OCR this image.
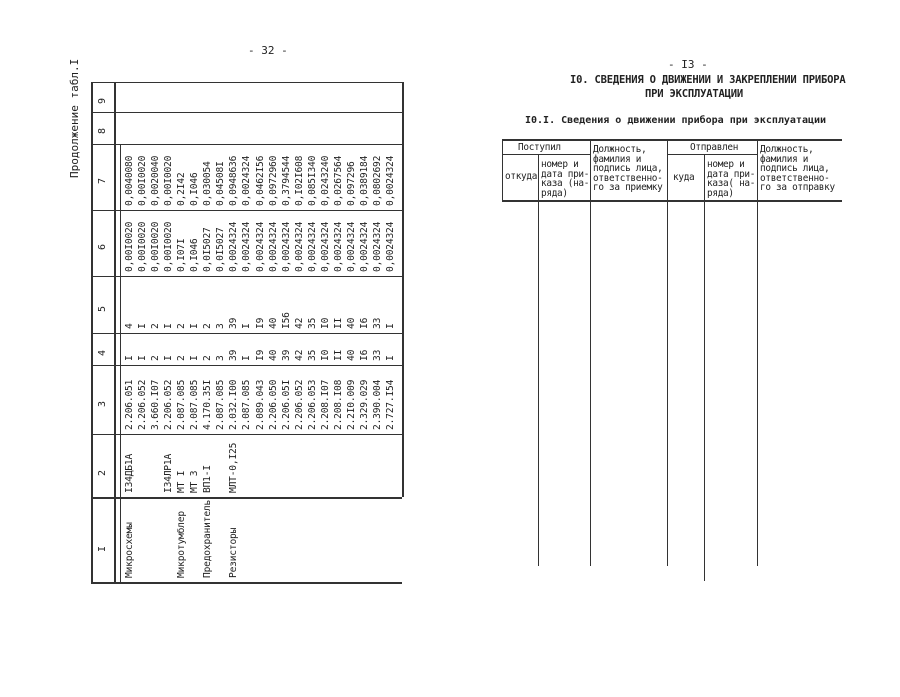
- 32 -
Продолжение табл.I
I
2
3
4
5
6
7
8
9
Микросхемы
I34ДБ1А
2.206.051
I
4
0,00I0020
0,0040080
2.206.052
I
I
0,00I0020
0,00I0020
3.660.I07
2
2
0,00I0020
0,0020040
I34ЛР1А
2.206.052
I
I
0,00I0020
0,00I0020
Микротумблер
МТ I
2.087.085
2
2
0,I07I
0,2I42
МТ 3
2.087.085
I
I
0,I046
0,I046
Предохранитель
ВП1-I
4.170.35I
2
2
0,0I5027
0,030054
2.087.085
3
3
0,0I5027
0,04508I
Резисторы
МЛТ-0,I25
2.032.I00
39
39
0,0024324
0,0948636
2.087.085
I
I
0,0024324
0,0024324
2.089.043
I9
I9
0,0024324
0,0462I56
2.206.050
40
40
0,0024324
0,0972960
2.206.05I
39
I56
0,0024324
0,3794544
2.206.052
42
42
0,0024324
0,I02I608
2.206.053
35
35
0,0024324
0,085I340
2.208.I07
I0
I0
0,0024324
0,0243240
2.208.I08
II
II
0,0024324
0,0267564
2.2I0.009
40
40
0,0024324
0,097296
2.329.029
I6
I6
0,0024324
0,0389184
2.390.004
33
33
0,0024324
0,0802692
2.727.I54
I
I
0,0024324
0,0024324
- I3 -
I0. СВЕДЕНИЯ О ДВИЖЕНИИ И ЗАКРЕПЛЕНИИ ПРИБОРА
ПРИ ЭКСПЛУАТАЦИИ
I0.I. Сведения о движении прибора при эксплуатации
Поступил	Отправлен
откуда
номер и
дата при-
каза (на-
ряда)
Должность,
фамилия и
подпись лица,
ответственно-
го за приемку
куда
номер и
дата при-
каза( на-
ряда)
Должность,
фамилия и
подпись лица,
ответственно-
го за отправку
